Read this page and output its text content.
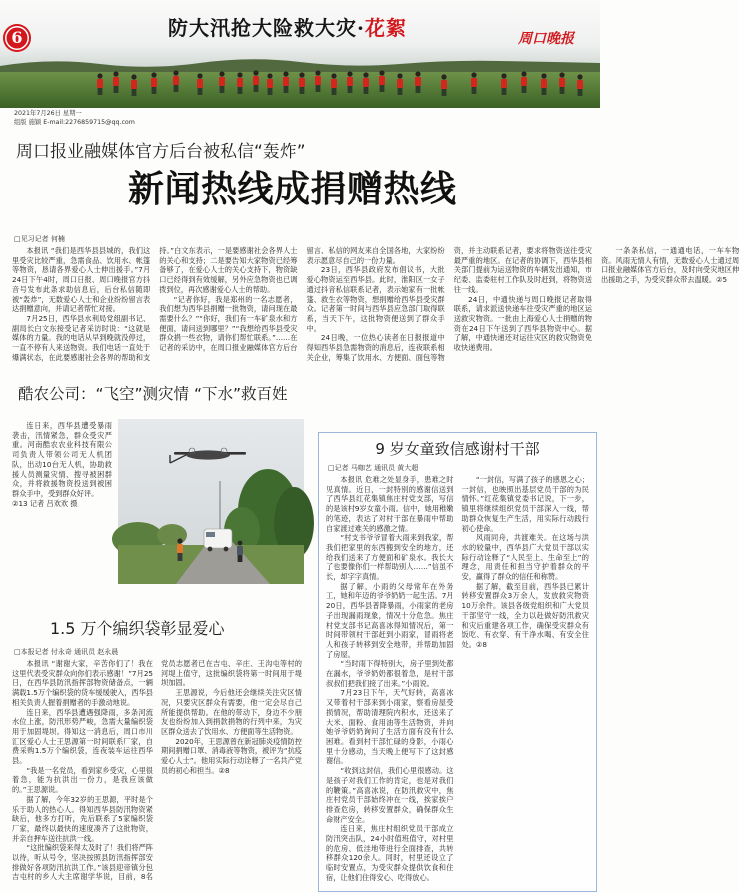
6	防大汛抢大险救大灾·花絮	周口晚报
2021年7月26日 星期一
组版 施颖 E-mail:2276859715@qq.com
周口报业融媒体官方后台被私信“轰炸”
新闻热线成捐赠热线
□见习记者 何楠

本报讯 “我们是西华县县城的，我们这里受灾比较严重，急需食品、饮用水、帐篷等物资，恳请各界爱心人士伸出援手。”7月24日下午4时，周口日报、周口晚报官方抖音号发布此条求助信息后，后台私信随即被“轰炸”，无数爱心人士和企业纷纷留言表达捐赠意向，并请记者帮忙对接。

7月25日，西华县水利局党组副书记、副局长白文东接受记者采访时说：“这就是媒体的力量。我的电话从早到晚就没停过，一直不停有人来送物资。我们电话一直处于爆满状态，在此要感谢社会各界的帮助和支持。”白文东表示，一是要感谢社会各界人士的关心和支持；二是要告知大家物资已经筹备够了，在爱心人士的关心支持下，物资缺口已经得到有效缓解，另外应急物资也已调拨到位，再次感谢爱心人士的帮助。

“记者你好，我是郑州的一名志愿者，我们想为西华县捐赠一批物资，请问现在最需要什么？”“你好，我们有一车矿泉水和方便面，请问送到哪里？”“我想给西华县受灾群众捐一些衣物，请你们帮忙联系。”……在记者的采访中，在周口报业融媒体官方后台留言、私信的网友来自全国各地，大家纷纷表示愿意尽自己的一份力量。

23日，西华县政府发布倡议书，大批爱心物资运至西华县。此时，淮阳区一女子通过抖音私信联系记者，表示她家有一批帐篷、救生衣等物资，想捐赠给西华县受灾群众。记者第一时间与西华县应急部门取得联系，当天下午，这批物资便送到了群众手中。

24日晚，一位热心读者在日报报道中得知西华县急需物资的消息后，连夜联系相关企业，筹集了饮用水、方便面、面包等物资，并主动联系记者，要求将物资送往受灾最严重的地区。在记者的协调下，西华县相关部门提前为运送物资的车辆发出通知，市纪委、监委驻村工作队及时赶到，将物资送往一线。

24日，中通快递与周口晚报记者取得联系，请求派送快递车往受灾严重的地区运送救灾物资。一批由上海爱心人士捐赠的物资在24日下午送到了西华县物资中心。据了解，中通快递还对运往灾区的救灾物资免收快递费用。

一条条私信，一通通电话，一车车物资。风雨无情人有情，无数爱心人士通过周口报业融媒体官方后台，及时向受灾地区伸出援助之手，为受灾群众带去温暖。②5

酷农公司：“飞空”测灾情 “下水”救百姓

连日来，西华县遭受暴雨袭击，汛情紧急，群众受灾严重。河南酷农农业科技有限公司负责人带领公司无人机团队，出动10台无人机，协助救援人员测量灾情、搜寻被困群众，并将救援物资投送到被困群众手中，受到群众好评。

②13 记者 吕欢欢 摄

1.5 万个编织袋彰显爱心
□本报记者 付永奇 通讯员 赵永晨

本报讯 “谢谢大家，辛苦你们了！我在这里代表受灾群众向你们表示感谢！”7月25日，在西华县防汛指挥部物资储备点，一辆满载1.5万个编织袋的货车缓缓驶入，西华县相关负责人握着捐赠者的手激动地说。

连日来，西华县遭遇强降雨，多条河流水位上涨，防汛形势严峻，急需大量编织袋用于加固堤坝。得知这一消息后，周口市川汇区爱心人士王思源第一时间联系厂家，自费采购1.5万个编织袋，连夜装车运往西华县。

“我是一名党员，看到家乡受灾，心里很着急，能为抗洪出一份力，是我应该做的。”王思源说。

据了解，今年32岁的王思源，平时是个乐于助人的热心人。得知西华县防汛物资紧缺后，他多方打听，先后联系了5家编织袋厂家，最终以最快的速度凑齐了这批物资，并亲自押车送往抗洪一线。

“这批编织袋来得太及时了！我们将严阵以待，听从号令，坚决按照县防汛指挥部安排做好各项防汛抗洪工作。”该县迎帝镇分包吉屯村的乡人大主席谢学华说，目前，8名党员志愿者已在吉屯、辛庄、王沟屯等村的河堤上值守，这批编织袋将第一时间用于堤坝加固。

王思源说，今后他还会继续关注灾区情况，只要灾区群众有需要，他一定会尽自己所能提供帮助。在他的带动下，身边不少朋友也纷纷加入到捐款捐物的行列中来，为灾区群众送去了饮用水、方便面等生活物资。

2020年，王思源曾在新冠肺炎疫情防控期间捐赠口罩、消毒液等物资，被评为“抗疫爱心人士”。他用实际行动诠释了一名共产党员的初心和担当。②8

9 岁女童致信感谢村干部
□记者 马咖艺 通讯员 黄大超

本报讯 危难之处显身手，患难之时见真情。近日，一封特别的感谢信送到了西华县红花集镇焦庄村党支部，写信的是该村9岁女童小雨。信中，她用稚嫩的笔迹，表达了对村干部在暴雨中帮助自家渡过难关的感激之情。

“村支书爷爷冒着大雨来到我家，帮我们把家里的东西搬到安全的地方，还给我们送来了方便面和矿泉水。我长大了也要像你们一样帮助别人……”信虽不长，却字字真情。

据了解，小雨的父母常年在外务工，她和年迈的爷爷奶奶一起生活。7月20日，西华县普降暴雨，小雨家的老房子出现漏雨现象，情况十分危急。焦庄村党支部书记高喜冰得知情况后，第一时间带领村干部赶到小雨家，冒雨将老人和孩子转移到安全地带，并帮助加固了房屋。

“当时雨下得特别大，房子里到处都在漏水，爷爷奶奶都很着急，是村干部叔叔们把我们接了出来。”小雨说。

7月23日下午，天气好转，高喜冰又带着村干部来到小雨家，察看房屋受损情况，帮助清理院内积水，还送来了大米、面粉、食用油等生活物资，并向她爷爷奶奶询问了生活方面有没有什么困难。看到村干部忙碌的身影，小雨心里十分感动，当天晚上便写下了这封感谢信。

“收到这封信，我们心里很感动。这是孩子对我们工作的肯定，也是对我们的鞭策。”高喜冰说，在防汛救灾中，焦庄村党员干部始终冲在一线，挨家挨户排查危房，转移安置群众，确保群众生命财产安全。

连日来，焦庄村组织党员干部成立防汛突击队，24小时值班值守，对村里的危房、低洼地带进行全面排查，共转移群众120余人。同时，村里还设立了临时安置点，为受灾群众提供饮食和住宿，让他们住得安心、吃得放心。

“一封信，写满了孩子的感恩之心；一封信，也映照出基层党员干部的为民情怀。”红花集镇党委书记说，下一步，镇里将继续组织党员干部深入一线，帮助群众恢复生产生活，用实际行动践行初心使命。

风雨同舟，共渡难关。在这场与洪水的较量中，西华县广大党员干部以实际行动诠释了“人民至上、生命至上”的理念，用责任和担当守护着群众的平安，赢得了群众的信任和称赞。

据了解，截至目前，西华县已累计转移安置群众3万余人，发放救灾物资10万余件。该县各级党组织和广大党员干部坚守一线，全力以赴做好防汛救灾和灾后重建各项工作，确保受灾群众有饭吃、有衣穿、有干净水喝、有安全住处。②8
